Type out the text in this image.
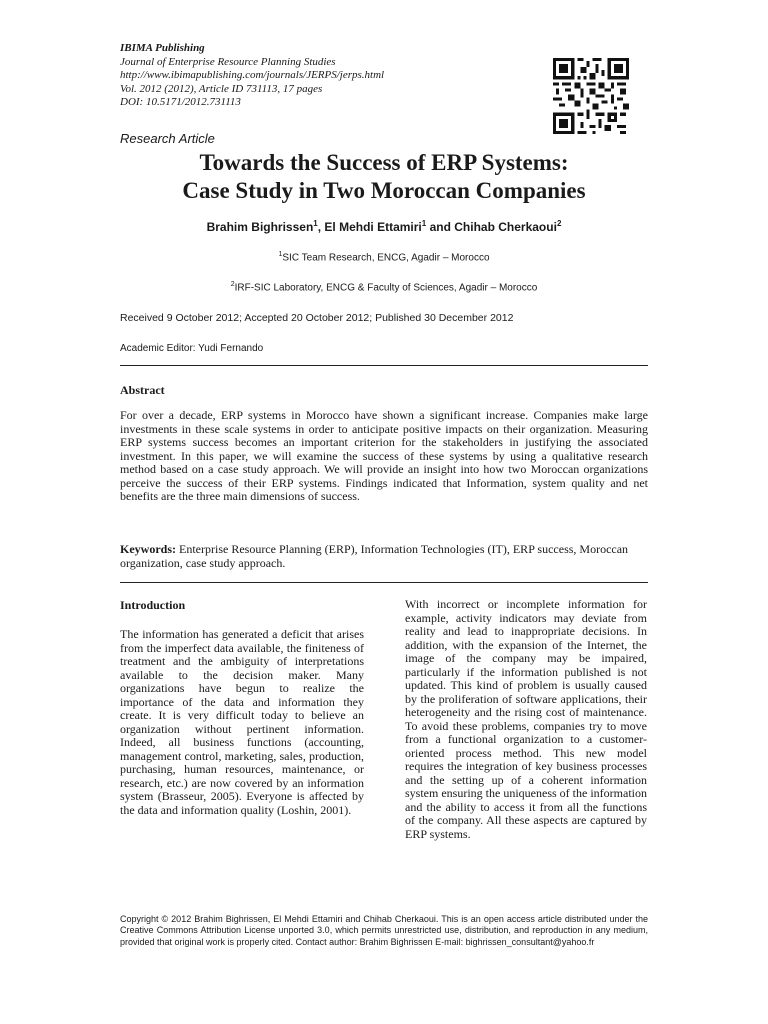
IBIMA Publishing
Journal of Enterprise Resource Planning Studies
http://www.ibimapublishing.com/journals/JERPS/jerps.html
Vol. 2012 (2012), Article ID 731113, 17 pages
DOI: 10.5171/2012.731113
Research Article
Towards the Success of ERP Systems:
Case Study in Two Moroccan Companies
Brahim Bighrissen$^1$, El Mehdi Ettamiri$^1$ and Chihab Cherkaoui$^2$
$^1$SIC Team Research, ENCG, Agadir – Morocco
$^2$IRF-SIC Laboratory, ENCG & Faculty of Sciences, Agadir – Morocco
Received 9 October 2012; Accepted 20 October 2012; Published 30 December 2012
Academic Editor: Yudi Fernando
Abstract

For over a decade, ERP systems in Morocco have shown a significant increase. Companies make large investments in these scale systems in order to anticipate positive impacts on their organization. Measuring ERP systems success becomes an important criterion for the stakeholders in justifying the associated investment. In this paper, we will examine the success of these systems by using a qualitative research method based on a case study approach. We will provide an insight into how two Moroccan organizations perceive the success of their ERP systems. Findings indicated that Information, system quality and net benefits are the three main dimensions of success.

Keywords: Enterprise Resource Planning (ERP), Information Technologies (IT), ERP success, Moroccan organization, case study approach.

Introduction

The information has generated a deficit that arises from the imperfect data available, the finiteness of treatment and the ambiguity of interpretations available to the decision maker. Many organizations have begun to realize the importance of the data and information they create. It is very difficult today to believe an organization without pertinent information. Indeed, all business functions (accounting, management control, marketing, sales, production, purchasing, human resources, maintenance, or research, etc.) are now covered by an information system (Brasseur, 2005). Everyone is affected by the data and information quality (Loshin, 2001).

With incorrect or incomplete information for example, activity indicators may deviate from reality and lead to inappropriate decisions. In addition, with the expansion of the Internet, the image of the company may be impaired, particularly if the information published is not updated. This kind of problem is usually caused by the proliferation of software applications, their heterogeneity and the rising cost of maintenance. To avoid these problems, companies try to move from a functional organization to a customer-oriented process method. This new model requires the integration of key business processes and the setting up of a coherent information system ensuring the uniqueness of the information and the ability to access it from all the functions of the company. All these aspects are captured by ERP systems.

Copyright © 2012 Brahim Bighrissen, El Mehdi Ettamiri and Chihab Cherkaoui. This is an open access article distributed under the Creative Commons Attribution License unported 3.0, which permits unrestricted use, distribution, and reproduction in any medium, provided that original work is properly cited. Contact author: Brahim Bighrissen E-mail: bighrissen_consultant@yahoo.fr
